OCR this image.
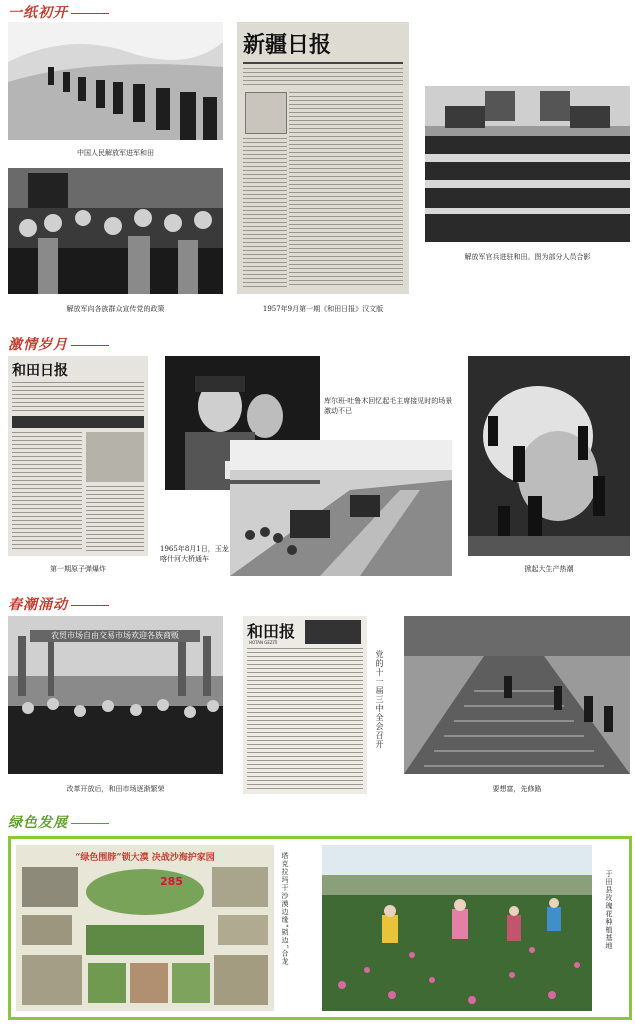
一纸初开
中国人民解放军进军和田
解放军向各族群众宣传党的政策
新疆日报
1957年9月第一期《和田日报》汉文版
解放军官兵进驻和田。图为部分人员合影
激情岁月
和田日报
第一期原子弹爆炸
库尔班·吐鲁木回忆起毛主席接见时的场景激动不已
1965年8月1日，玉龙喀什河大桥通车
掀起大生产热潮
春潮涌动
农贸市场自由交易市场欢迎各族商贩
改革开放后，和田市场逐渐繁荣
和田报
HOTAN GEZITI
党的十一届三中全会召开
要想富，先修路
绿色发展
“绿色围脖”锁大漠 决战沙海护家园
285	塔克拉玛干沙漠边缘“锁边”合龙	于田县玫瑰花种植基地
